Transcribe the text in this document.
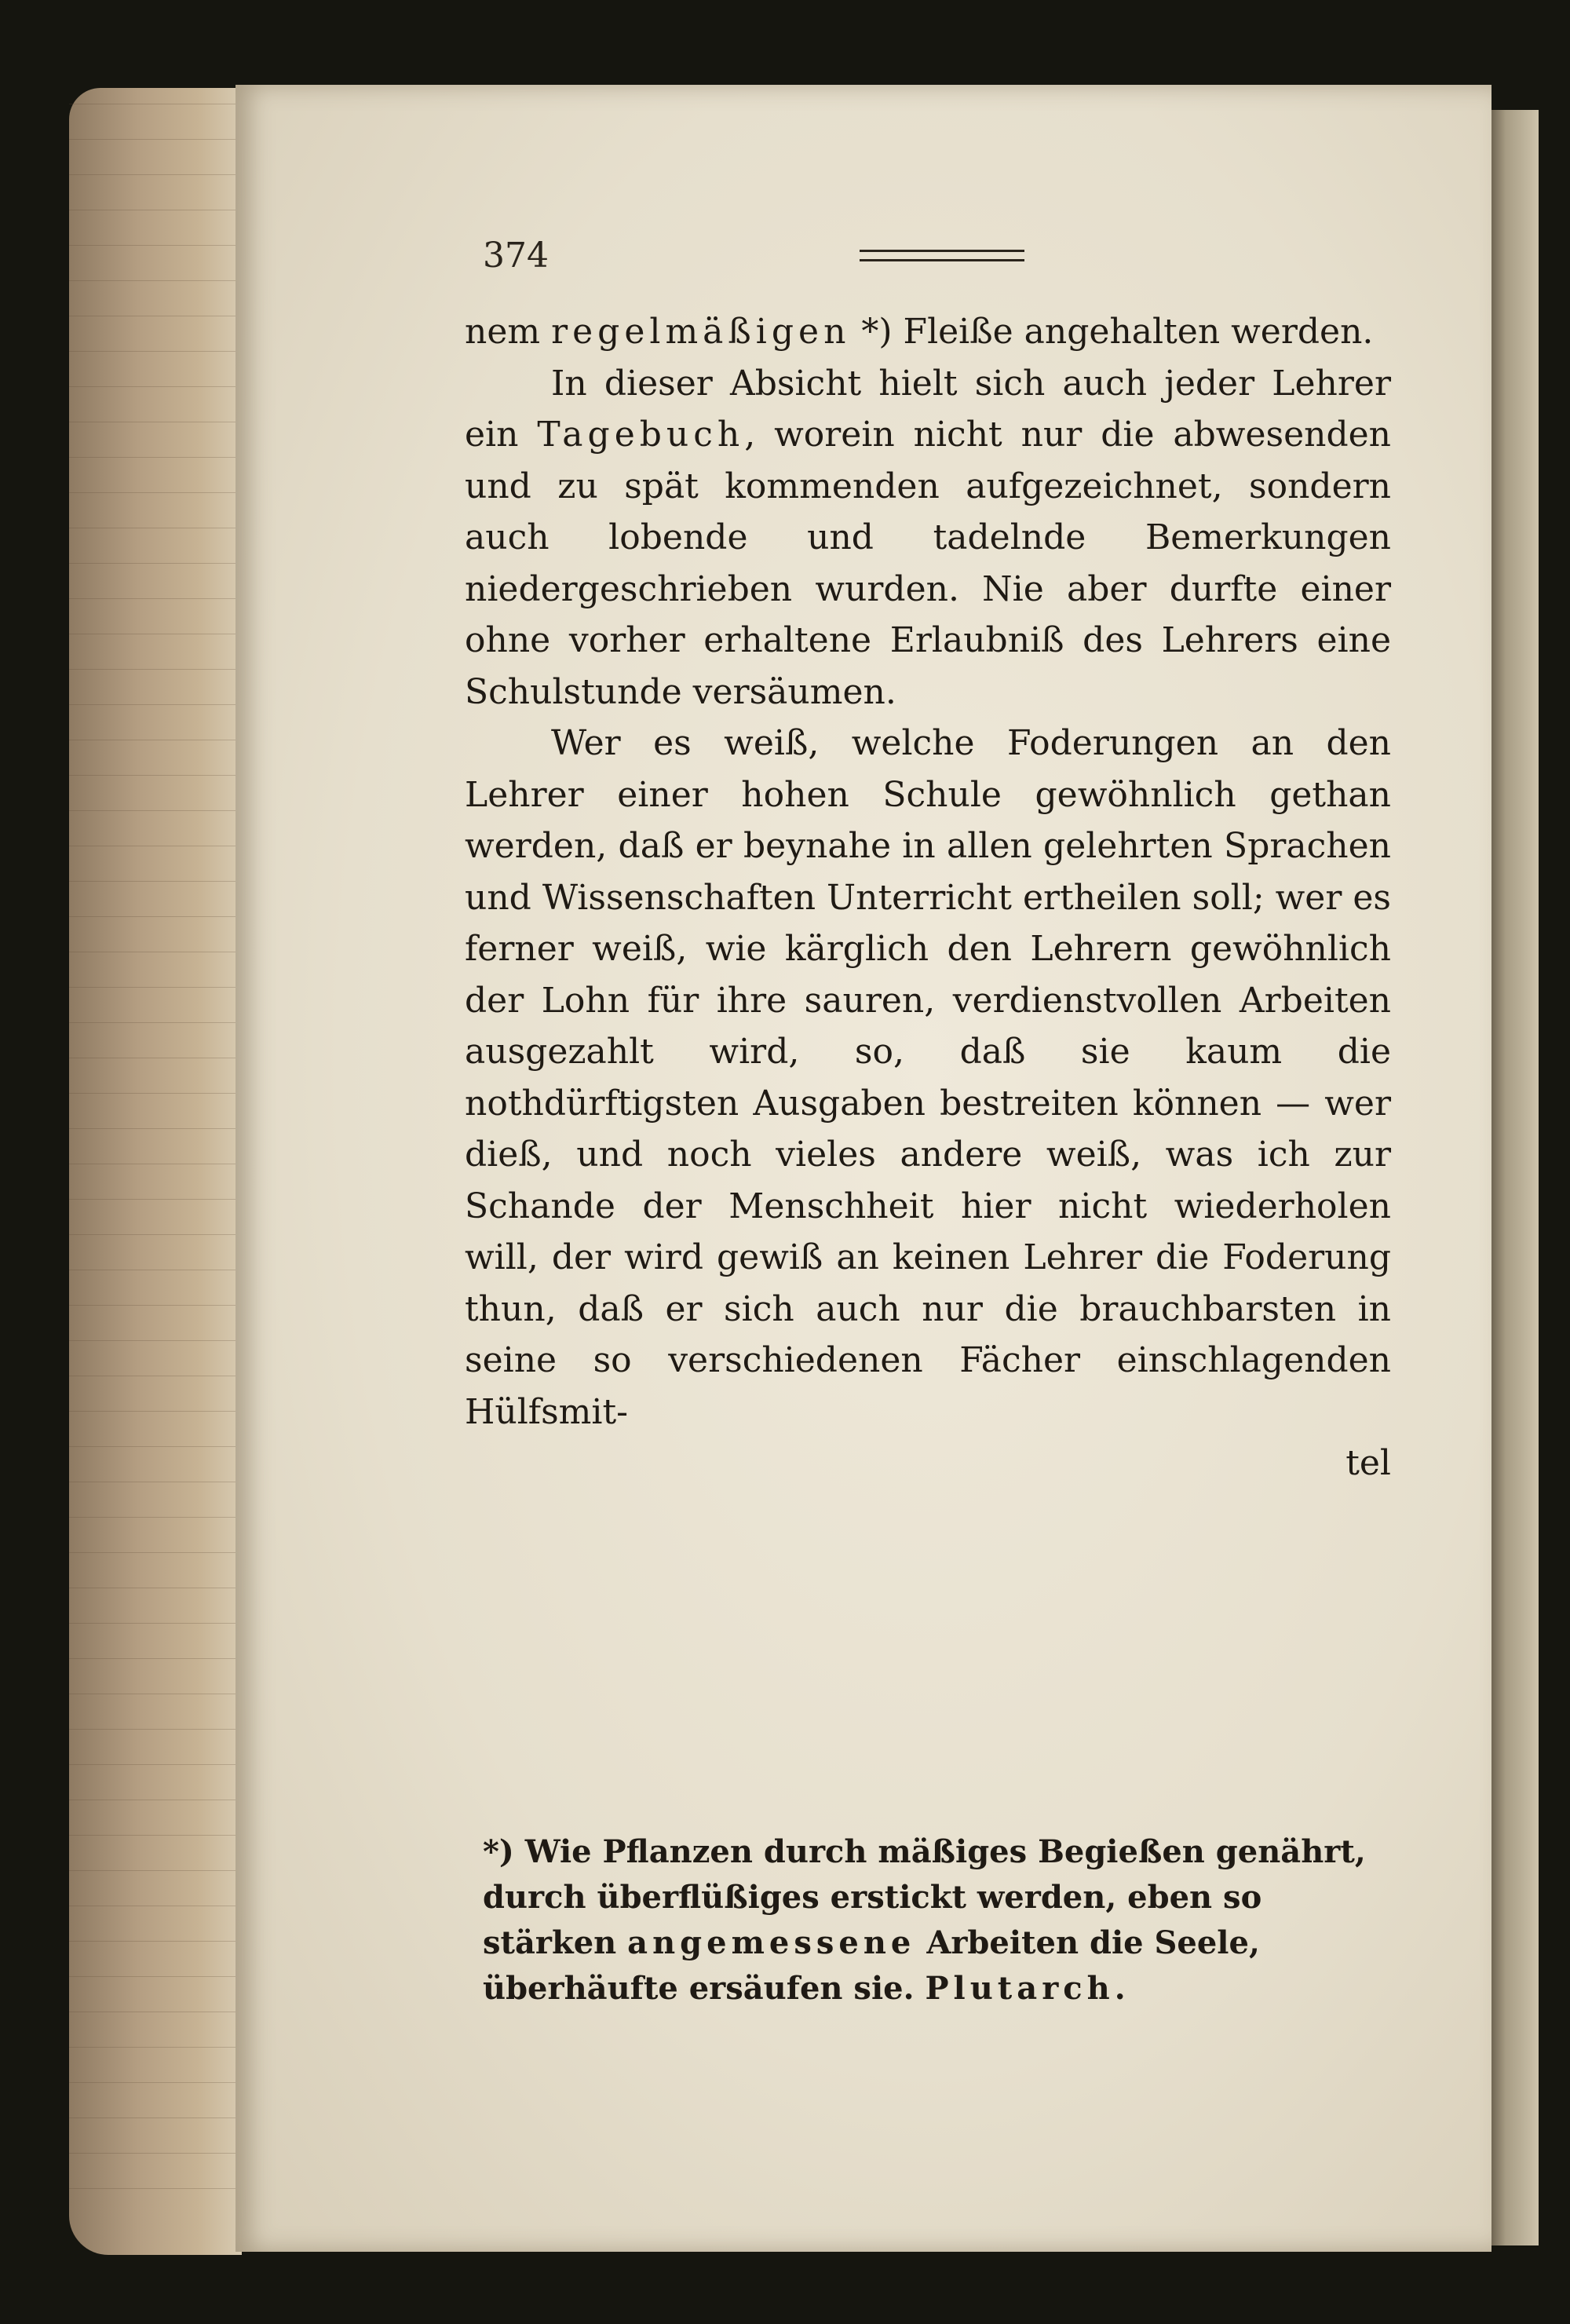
374

nem regelmäßigen *) Fleiße angehalten werden.

In dieser Absicht hielt sich auch jeder Lehrer ein Tagebuch, worein nicht nur die abwesenden und zu spät kommenden aufgezeichnet, sondern auch lobende und tadelnde Bemerkungen niedergeschrieben wurden. Nie aber durfte einer ohne vorher erhaltene Erlaubniß des Lehrers eine Schulstunde versäumen.

Wer es weiß, welche Foderungen an den Lehrer einer hohen Schule gewöhnlich gethan werden, daß er beynahe in allen gelehrten Sprachen und Wissenschaften Unterricht ertheilen soll; wer es ferner weiß, wie kärglich den Lehrern gewöhnlich der Lohn für ihre sauren, verdienstvollen Arbeiten ausgezahlt wird, so, daß sie kaum die nothdürftigsten Ausgaben bestreiten können — wer dieß, und noch vieles andere weiß, was ich zur Schande der Menschheit hier nicht wiederholen will, der wird gewiß an keinen Lehrer die Foderung thun, daß er sich auch nur die brauchbarsten in seine so verschiedenen Fächer einschlagenden Hülfsmit-

tel

*) Wie Pflanzen durch mäßiges Begießen genährt, durch überflüßiges erstickt werden, eben so stärken angemessene Arbeiten die Seele, überhäufte ersäufen sie. Plutarch.
